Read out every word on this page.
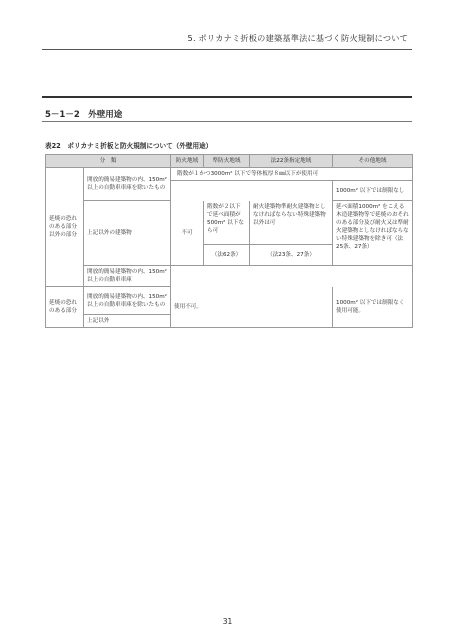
5. ポリカナミ折板の建築基準法に基づく防火規制について
5－1－2　外壁用途
表22　ポリカナミ折板と防火規制について（外壁用途）
分　類		防火地域	準防火地域	法22条指定地域	その他地域
延焼の恐れのある部分以外の部分	開放的簡易建築物の内、150m² 以上の自動車車庫を除いたもの	階数が１かつ3000m² 以下で等体板厚８㎜以下が使用可			
					1000m² 以下では制限なし
	上記以外の建築物	不可	階数が２以下で延べ面積が 500m² 以下なら可	耐火建築物準耐火建築物としなければならない特殊建築物以外は可	延べ面積1000m² をこえる木造建築物等で延焼のおそれのある部分及び耐火又は準耐火建築物としなければならない特殊建築物を除き可（法25条、27条）
			（法62条）	（法23条、27条）	
	開放的簡易建築物の内、150m² 以上の自動車車庫				
延焼の恐れのある部分	開放的簡易建築物の内、150m² 以上の自動車車庫を除いたもの	使用不可。			1000m² 以下では制限なく使用可能。
	上記以外				
31
